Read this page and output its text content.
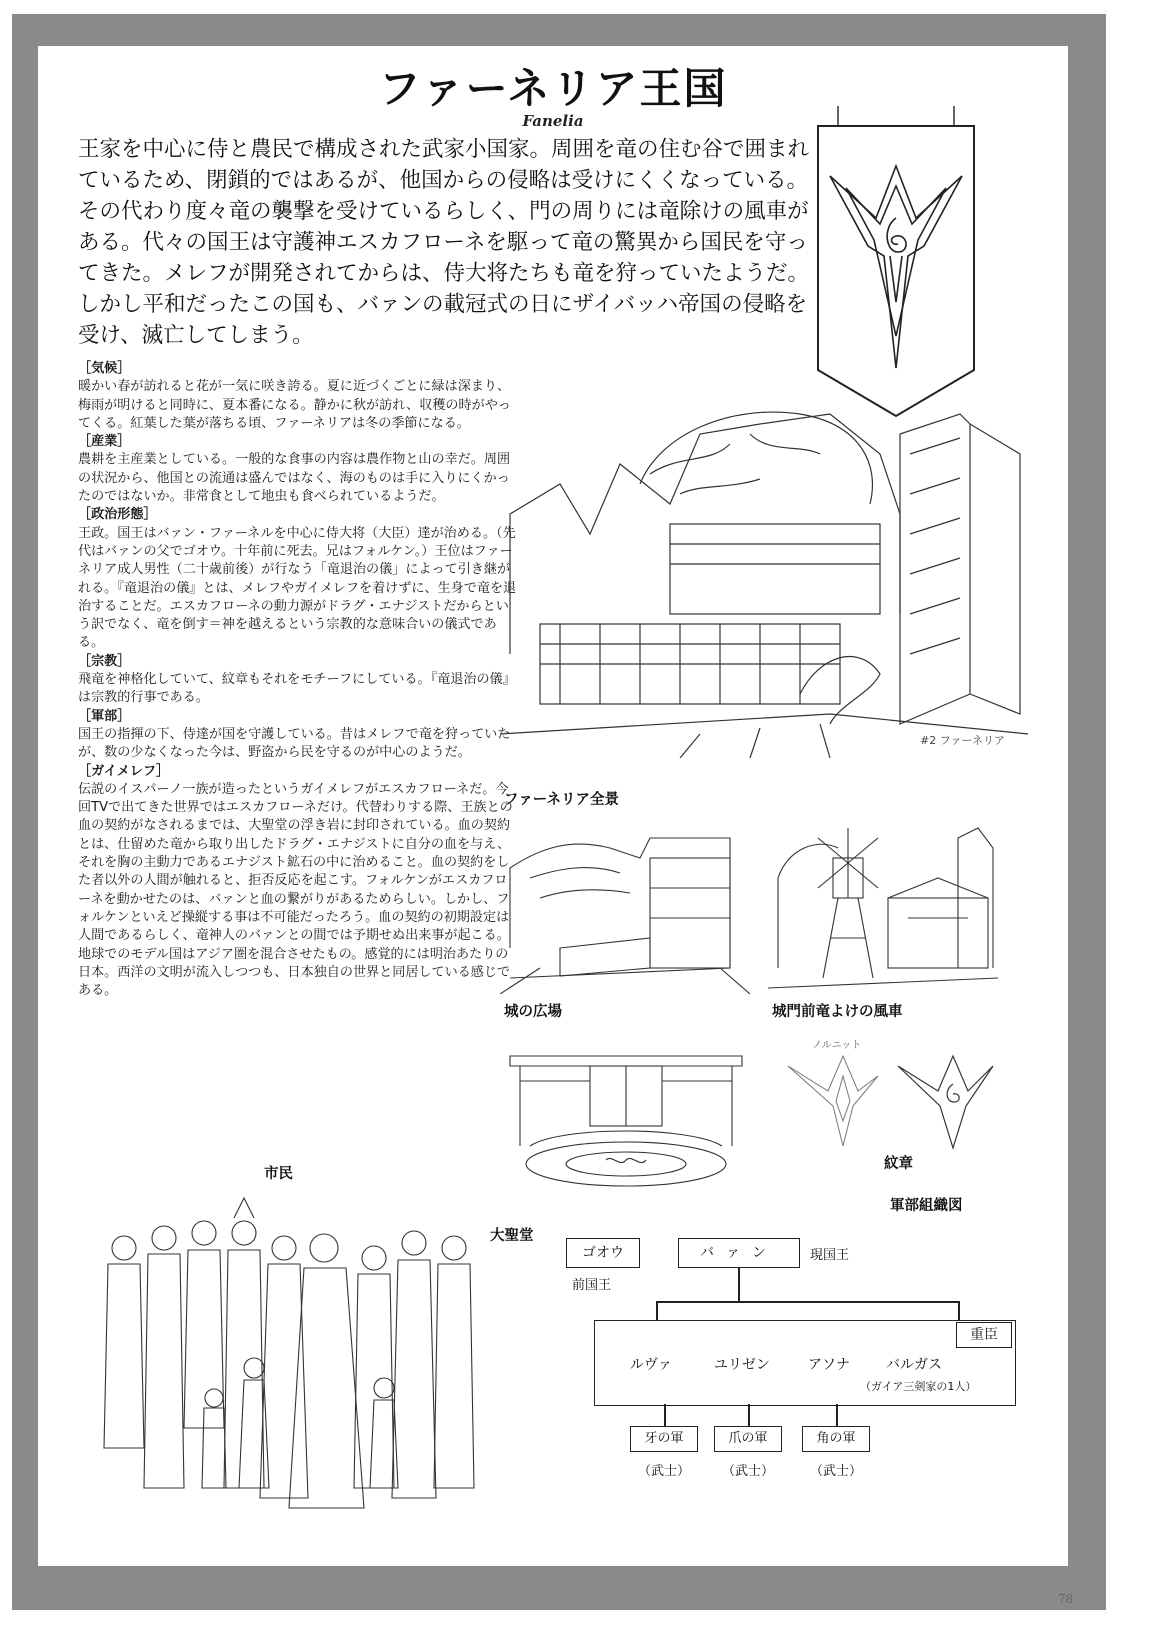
ファーネリア王国
Fanelia
王家を中心に侍と農民で構成された武家小国家。周囲を竜の住む谷で囲まれているため、閉鎖的ではあるが、他国からの侵略は受けにくくなっている。その代わり度々竜の襲撃を受けているらしく、門の周りには竜除けの風車がある。代々の国王は守護神エスカフローネを駆って竜の驚異から国民を守ってきた。メレフが開発されてからは、侍大将たちも竜を狩っていたようだ。しかし平和だったこの国も、バァンの載冠式の日にザイバッハ帝国の侵略を受け、滅亡してしまう。

［気候］

暖かい春が訪れると花が一気に咲き誇る。夏に近づくごとに緑は深まり、梅雨が明けると同時に、夏本番になる。静かに秋が訪れ、収穫の時がやってくる。紅葉した葉が落ちる頃、ファーネリアは冬の季節になる。

［産業］

農耕を主産業としている。一般的な食事の内容は農作物と山の幸だ。周囲の状況から、他国との流通は盛んではなく、海のものは手に入りにくかったのではないか。非常食として地虫も食べられているようだ。

［政治形態］

王政。国王はバァン・ファーネルを中心に侍大将（大臣）達が治める。（先代はバァンの父でゴオウ。十年前に死去。兄はフォルケン。）王位はファーネリア成人男性（二十歳前後）が行なう「竜退治の儀」によって引き継がれる。『竜退治の儀』とは、メレフやガイメレフを着けずに、生身で竜を退治することだ。エスカフローネの動力源がドラグ・エナジストだからという訳でなく、竜を倒す＝神を越えるという宗教的な意味合いの儀式である。

［宗教］

飛竜を神格化していて、紋章もそれをモチーフにしている。『竜退治の儀』は宗教的行事である。

［軍部］

国王の指揮の下、侍達が国を守護している。昔はメレフで竜を狩っていたが、数の少なくなった今は、野盗から民を守るのが中心のようだ。

［ガイメレフ］

伝説のイスパーノ一族が造ったというガイメレフがエスカフローネだ。今回TVで出てきた世界ではエスカフローネだけ。代替わりする際、王族との血の契約がなされるまでは、大聖堂の浮き岩に封印されている。血の契約とは、仕留めた竜から取り出したドラグ・エナジストに自分の血を与え、それを胸の主動力であるエナジスト鉱石の中に治めること。血の契約をした者以外の人間が触れると、拒否反応を起こす。フォルケンがエスカフローネを動かせたのは、バァンと血の繋がりがあるためらしい。しかし、フォルケンといえど操縦する事は不可能だったろう。血の契約の初期設定は人間であるらしく、竜神人のバァンとの間では予期せぬ出来事が起こる。

地球でのモデル国はアジア圏を混合させたもの。感覚的には明治あたりの日本。西洋の文明が流入しつつも、日本独自の世界と同居している感じである。

#2 ファーネリア
ファーネリア全景
城の広場	城門前竜よけの風車
大聖堂
ノルニット
紋章
市民
軍部組織図
ゴオウ
前国王
バァン	現国王
重臣
ルヴァ	ユリゼン	アソナ	バルガス
（ガイア三剣家の1人）
牙の軍	爪の軍	角の軍
（武士） （武士）	（武士）
78
